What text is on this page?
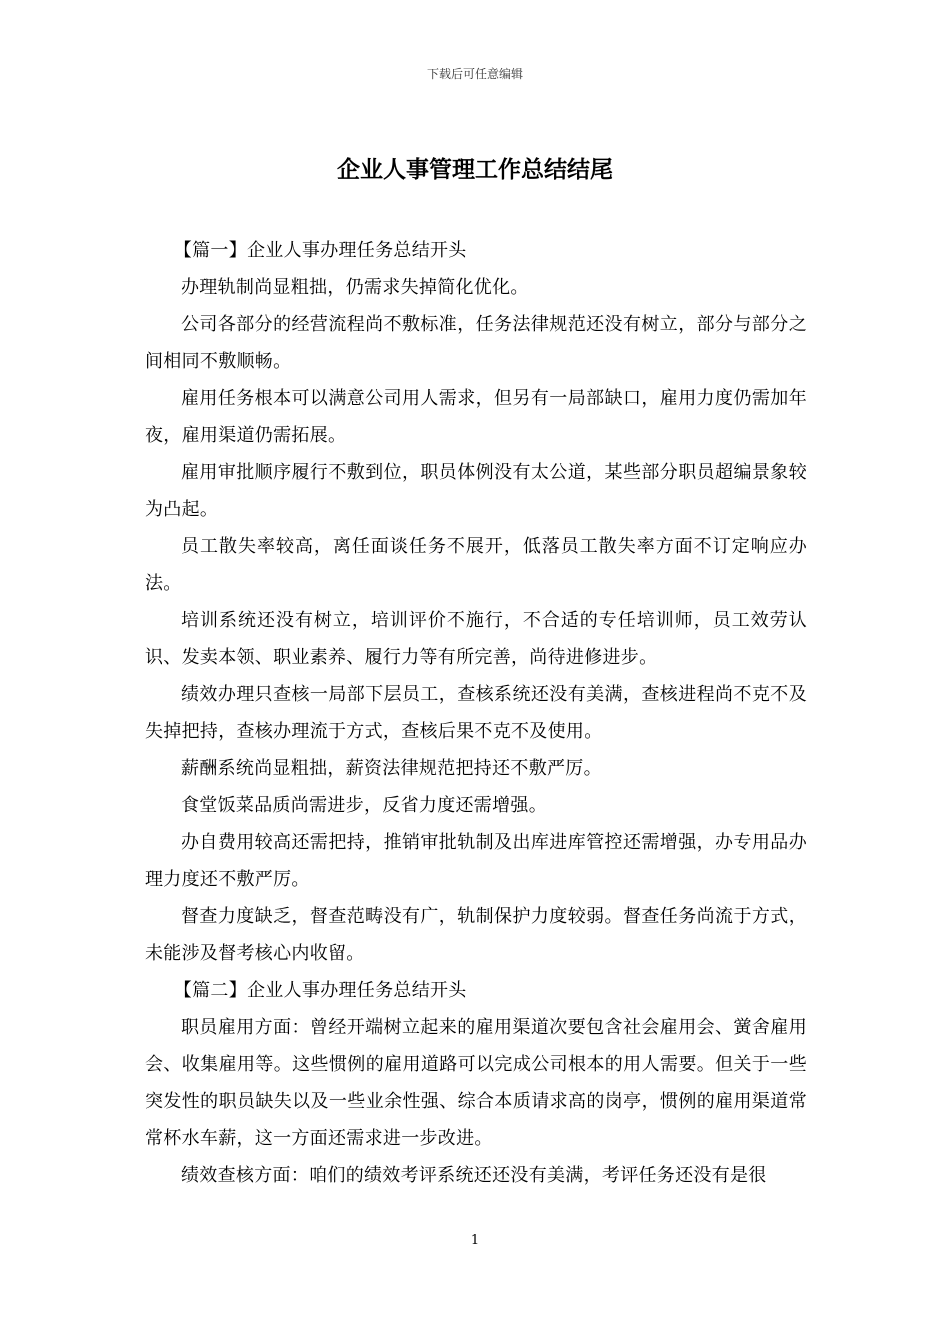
下载后可任意编辑
企业人事管理工作总结结尾

【篇一】企业人事办理任务总结开头

办理轨制尚显粗拙，仍需求失掉简化优化。

公司各部分的经营流程尚不敷标准，任务法律规范还没有树立，部分与部分之间相同不敷顺畅。

雇用任务根本可以满意公司用人需求，但另有一局部缺口，雇用力度仍需加年夜，雇用渠道仍需拓展。

雇用审批顺序履行不敷到位，职员体例没有太公道，某些部分职员超编景象较为凸起。

员工散失率较高，离任面谈任务不展开，低落员工散失率方面不订定响应办法。

培训系统还没有树立，培训评价不施行，不合适的专任培训师，员工效劳认识、发卖本领、职业素养、履行力等有所完善，尚待进修进步。

绩效办理只查核一局部下层员工，查核系统还没有美满，查核进程尚不克不及失掉把持，查核办理流于方式，查核后果不克不及使用。

薪酬系统尚显粗拙，薪资法律规范把持还不敷严厉。

食堂饭菜品质尚需进步，反省力度还需增强。

办自费用较高还需把持，推销审批轨制及出库进库管控还需增强，办专用品办理力度还不敷严厉。

督查力度缺乏，督查范畴没有广，轨制保护力度较弱。督查任务尚流于方式，未能涉及督考核心内收留。

【篇二】企业人事办理任务总结开头

职员雇用方面：曾经开端树立起来的雇用渠道次要包含社会雇用会、黉舍雇用会、收集雇用等。这些惯例的雇用道路可以完成公司根本的用人需要。但关于一些突发性的职员缺失以及一些业余性强、综合本质请求高的岗亭，惯例的雇用渠道常常杯水车薪，这一方面还需求进一步改进。

绩效查核方面：咱们的绩效考评系统还还没有美满，考评任务还没有是很

1
